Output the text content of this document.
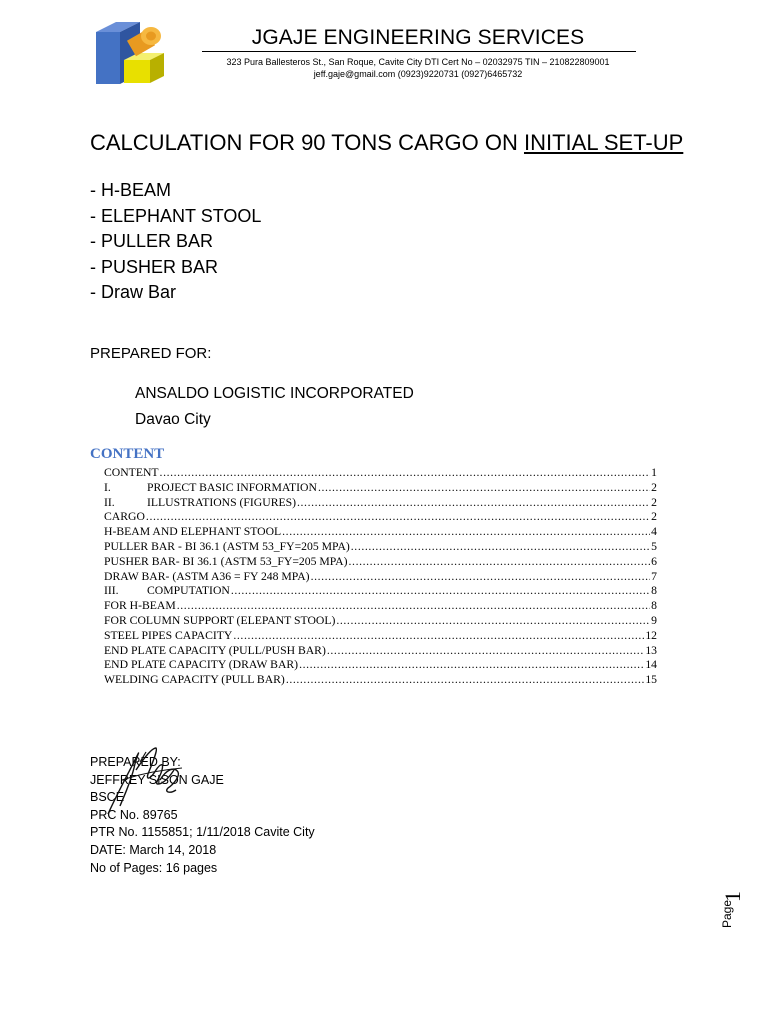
JGAJE ENGINEERING SERVICES
323 Pura Ballesteros St., San Roque, Cavite City DTI Cert No – 02032975 TIN – 210822809001
jeff.gaje@gmail.com (0923)9220731 (0927)6465732
CALCULATION FOR 90 TONS CARGO ON INITIAL SET-UP
- H-BEAM
- ELEPHANT STOOL
- PULLER BAR
- PUSHER BAR
- Draw Bar
PREPARED FOR:
ANSALDO LOGISTIC INCORPORATED
Davao City
CONTENT
CONTENT .....	1
I.	PROJECT BASIC INFORMATION .....	2
II.	ILLUSTRATIONS (FIGURES) .....	2
CARGO .....	2
H-BEAM AND ELEPHANT STOOL .....	4
PULLER BAR - BI 36.1 (ASTM 53_FY=205 MPA) .....	5
PUSHER BAR- BI 36.1 (ASTM 53_FY=205 MPA) .....	6
DRAW BAR- (ASTM A36 = FY 248 MPA) .....	7
III.	COMPUTATION .....	8
FOR H-BEAM .....	8
FOR COLUMN SUPPORT (ELEPANT STOOL) .....	9
STEEL PIPES CAPACITY .....	12
END PLATE CAPACITY (PULL/PUSH BAR) .....	13
END PLATE CAPACITY (DRAW BAR) .....	14
WELDING CAPACITY (PULL BAR) .....	15
PREPARED BY:
JEFFREY SISON GAJE
BSCE
PRC No. 89765
PTR No. 1155851; 1/11/2018 Cavite City
DATE: March 14, 2018
No of Pages: 16 pages
Page
1
